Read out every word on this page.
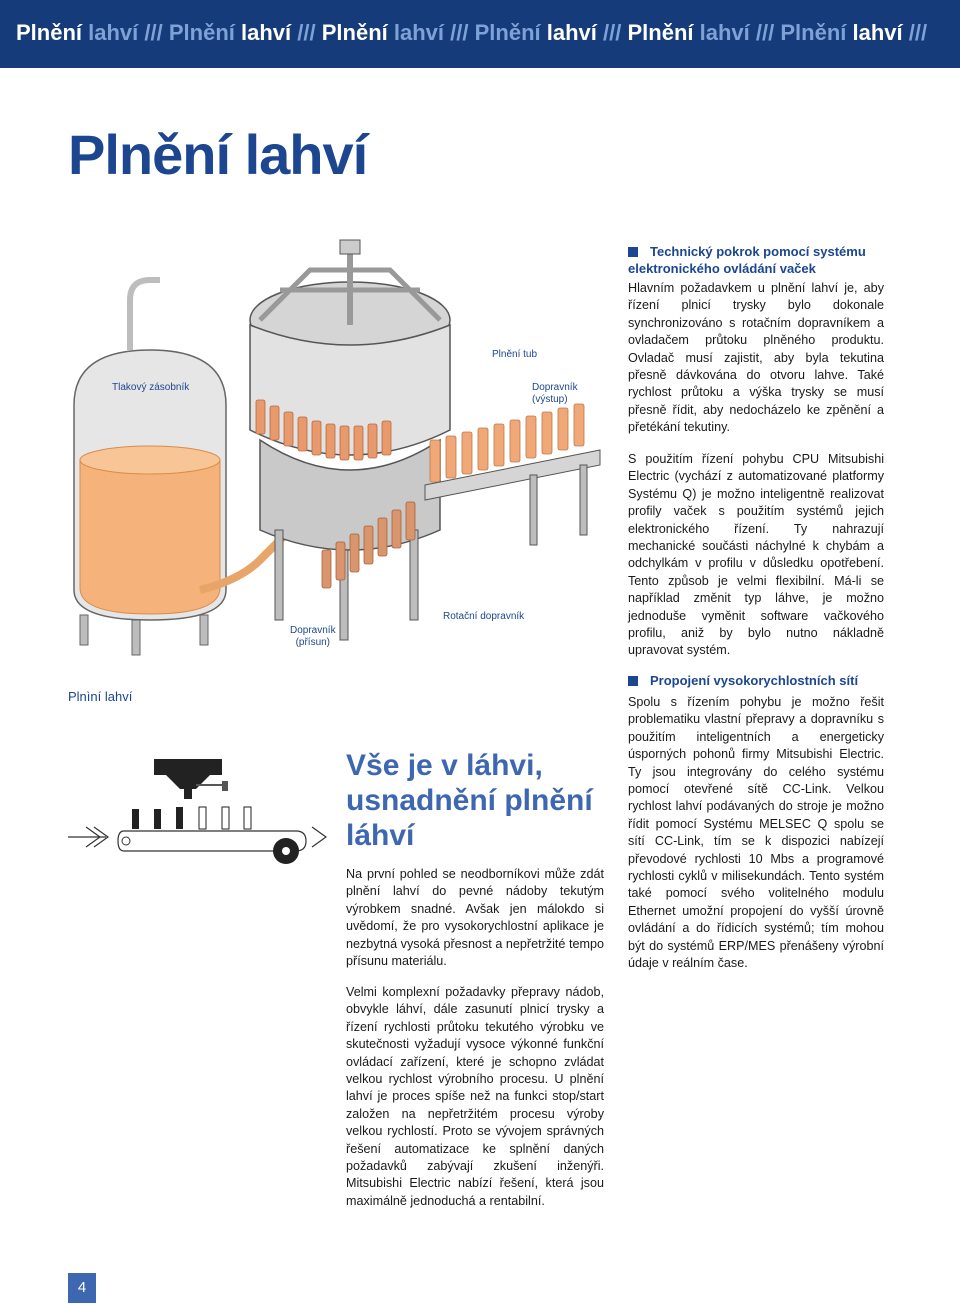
Plnění lahví /// Plnění lahví /// Plnění lahví /// Plnění lahví /// Plnění lahví /// Plnění lahví ///
Plnění lahví
Tlakový zásobník
Plnění tub
Dopravník
(výstup)
Rotační dopravník
Dopravník
(přísun)
Plnìní lahví
Vše je v láhvi,
usnadnění plnění
láhví
Na první pohled se neodborníkovi může zdát plnění lahví do pevné nádoby tekutým výrobkem snadné. Avšak jen málokdo si uvědomí, že pro vysokorychlostní aplikace je nezbytná vysoká přesnost a nepřetržité tempo přísunu materiálu.
Velmi komplexní požadavky přepravy nádob, obvykle láhví, dále zasunutí plnicí trysky a řízení rychlosti průtoku tekutého výrobku ve skutečnosti vyžadují vysoce výkonné funkční ovládací zařízení, které je schopno zvládat velkou rychlost výrobního procesu. U plnění lahví je proces spíše než na funkci stop/start založen na nepřetržitém procesu výroby velkou rychlostí. Proto se vývojem správných řešení automatizace ke splnění daných požadavků zabývají zkušení inženýři. Mitsubishi Electric nabízí řešení, která jsou maximálně jednoduchá a rentabilní.
Technický pokrok pomocí systému elektronického ovládání vaček
Hlavním požadavkem u plnění lahví je, aby řízení plnicí trysky bylo dokonale synchronizováno s rotačním dopravníkem a ovladačem průtoku plněného produktu. Ovladač musí zajistit, aby byla tekutina přesně dávkována do otvoru lahve. Také rychlost průtoku a výška trysky se musí přesně řídit, aby nedocházelo ke zpěnění a přetékání tekutiny.
S použitím řízení pohybu CPU Mitsubishi Electric (vychází z automatizované platformy Systému Q) je možno inteligentně realizovat profily vaček s použitím systémů jejich elektronického řízení. Ty nahrazují mechanické součásti náchylné k chybám a odchylkám v profilu v důsledku opotřebení. Tento způsob je velmi flexibilní. Má-li se například změnit typ láhve, je možno jednoduše vyměnit software vačkového profilu, aniž by bylo nutno nákladně upravovat systém.
Propojení vysokorychlostních sítí
Spolu s řízením pohybu je možno řešit problematiku vlastní přepravy a dopravníku s použitím inteligentních a energeticky úsporných pohonů firmy Mitsubishi Electric. Ty jsou integrovány do celého systému pomocí otevřené sítě CC-Link. Velkou rychlost lahví podávaných do stroje je možno řídit pomocí Systému MELSEC Q spolu se sítí CC-Link, tím se k dispozici nabízejí převodové rychlosti 10 Mbs a programové rychlosti cyklů v milisekundách. Tento systém také pomocí svého volitelného modulu Ethernet umožní propojení do vyšší úrovně ovládání a do řídicích systémů; tím mohou být do systémů ERP/MES přenášeny výrobní údaje v reálním čase.
4
